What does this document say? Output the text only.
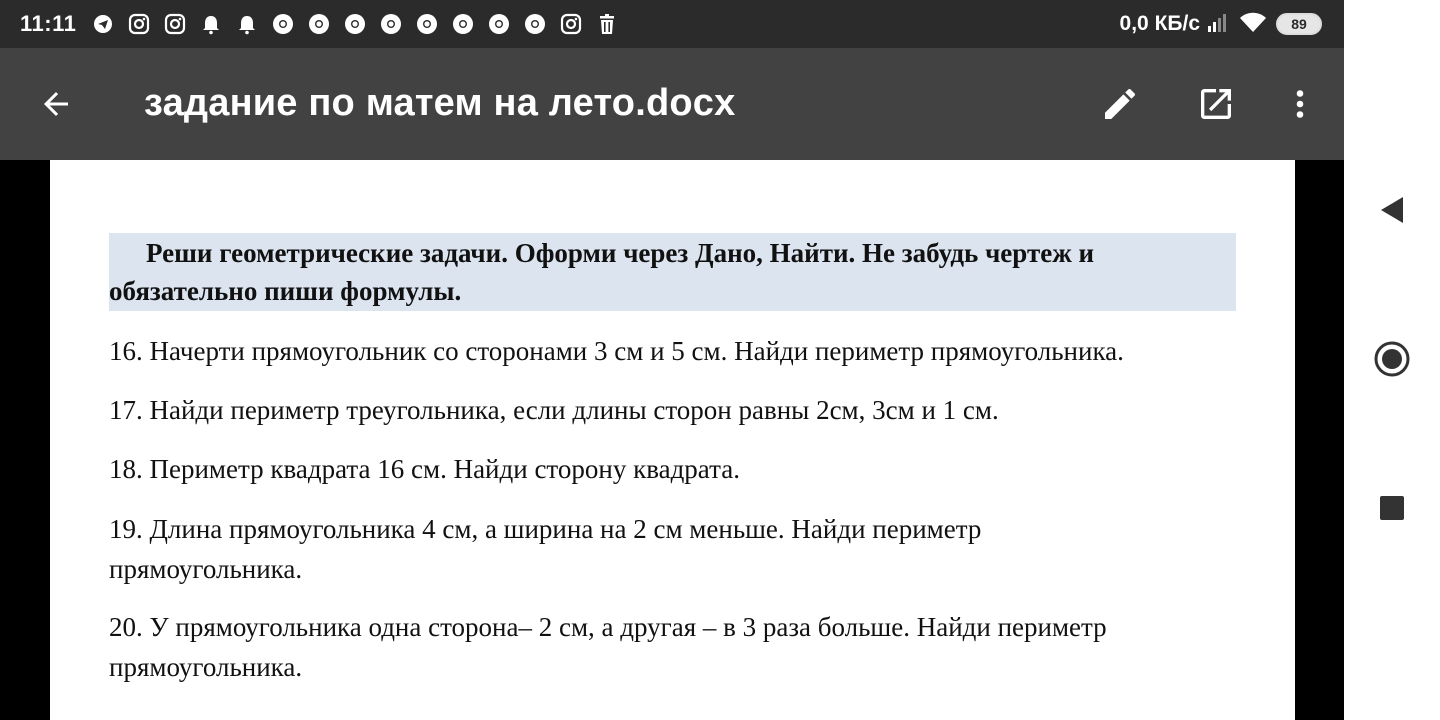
11:11	0,0 КБ/с	89
задание по матем на лето.docx
Реши геометрические задачи. Оформи через Дано, Найти. Не забудь чертеж и обязательно пиши формулы.
16. Начерти прямоугольник со сторонами 3 см и 5 см. Найди периметр прямоугольника.
17. Найди периметр треугольника, если длины сторон равны 2см, 3см и 1 см.
18. Периметр квадрата 16 см. Найди сторону квадрата.
19. Длина прямоугольника 4 см, а ширина на 2 см меньше. Найди периметр прямоугольника.
20. У прямоугольника одна сторона– 2 см, а другая – в 3 раза больше. Найди периметр прямоугольника.
